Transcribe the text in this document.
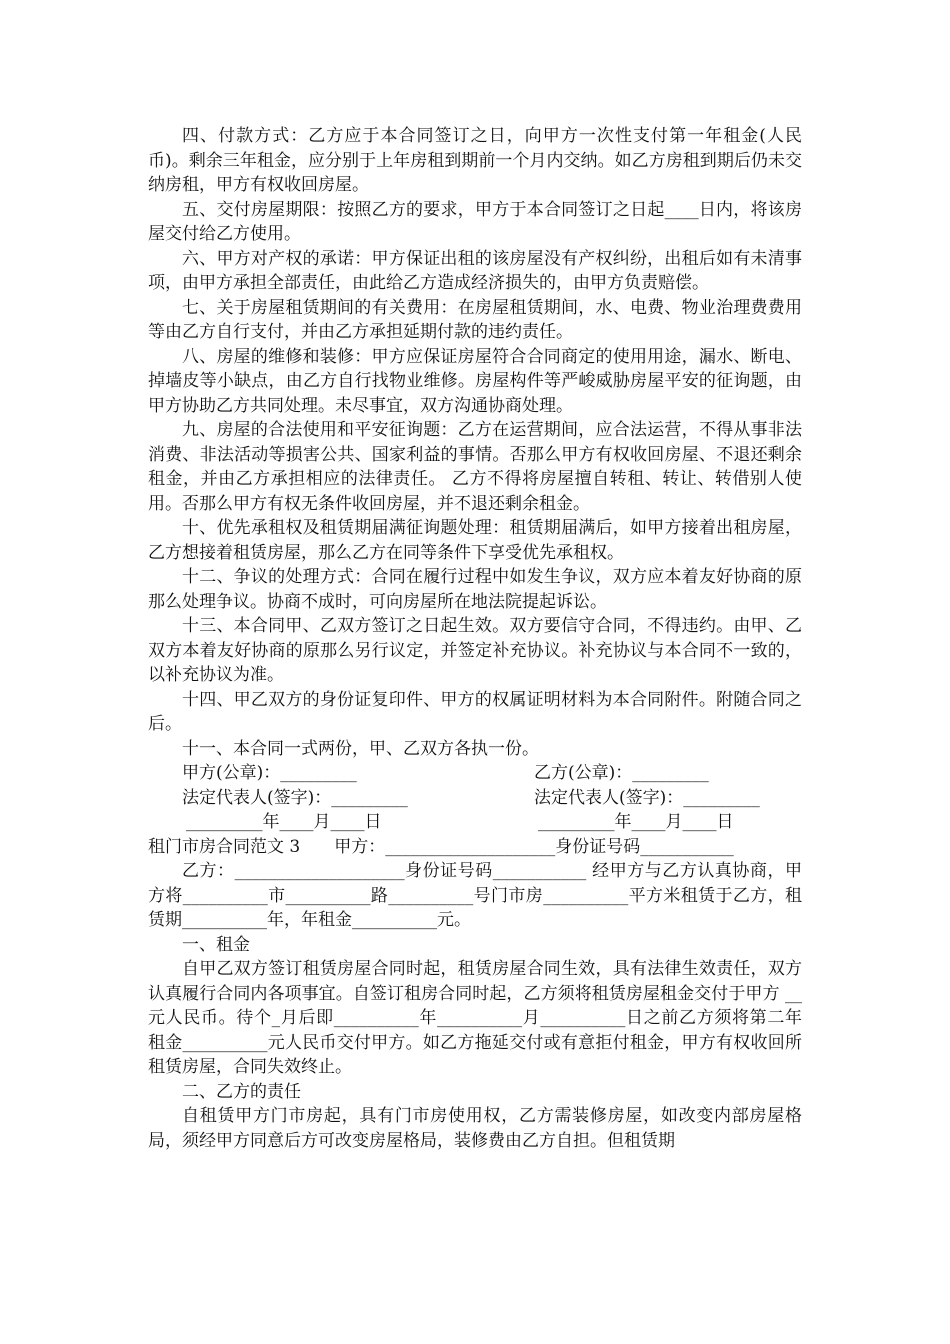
四、付款方式：乙方应于本合同签订之日，向甲方一次性支付第一年租金(人民币)。剩余三年租金，应分别于上年房租到期前一个月内交纳。如乙方房租到期后仍未交纳房租，甲方有权收回房屋。

五、交付房屋期限：按照乙方的要求，甲方于本合同签订之日起____日内，将该房屋交付给乙方使用。

六、甲方对产权的承诺：甲方保证出租的该房屋没有产权纠纷，出租后如有未清事项，由甲方承担全部责任，由此给乙方造成经济损失的，由甲方负责赔偿。

七、关于房屋租赁期间的有关费用：在房屋租赁期间，水、电费、物业治理费费用等由乙方自行支付，并由乙方承担延期付款的违约责任。

八、房屋的维修和装修：甲方应保证房屋符合合同商定的使用用途，漏水、断电、掉墙皮等小缺点，由乙方自行找物业维修。房屋构件等严峻威胁房屋平安的征询题，由甲方协助乙方共同处理。未尽事宜，双方沟通协商处理。

九、房屋的合法使用和平安征询题：乙方在运营期间，应合法运营，不得从事非法消费、非法活动等损害公共、国家利益的事情。否那么甲方有权收回房屋、不退还剩余租金，并由乙方承担相应的法律责任。 乙方不得将房屋擅自转租、转让、转借别人使用。否那么甲方有权无条件收回房屋，并不退还剩余租金。

十、优先承租权及租赁期届满征询题处理：租赁期届满后，如甲方接着出租房屋，乙方想接着租赁房屋，那么乙方在同等条件下享受优先承租权。

十二、争议的处理方式：合同在履行过程中如发生争议，双方应本着友好协商的原那么处理争议。协商不成时，可向房屋所在地法院提起诉讼。

十三、本合同甲、乙双方签订之日起生效。双方要信守合同，不得违约。由甲、乙双方本着友好协商的原那么另行议定，并签定补充协议。补充协议与本合同不一致的，以补充协议为准。

十四、甲乙双方的身份证复印件、甲方的权属证明材料为本合同附件。附随合同之后。

十一、本合同一式两份，甲、乙双方各执一份。

甲方(公章)：_________	乙方(公章)：_________
法定代表人(签字)：_________	法定代表人(签字)：_________
_________年____月____日	_________年____月____日
租门市房合同范文 3　　甲方：____________________身份证号码___________

乙方：____________________身份证号码___________ 经甲方与乙方认真协商，甲方将__________市__________路__________号门市房__________平方米租赁于乙方，租赁期__________年，年租金__________元。

一、租金

自甲乙双方签订租赁房屋合同时起，租赁房屋合同生效，具有法律生效责任，双方认真履行合同内各项事宜。自签订租房合同时起，乙方须将租赁房屋租金交付于甲方 __元人民币。待个_月后即__________年__________月__________日之前乙方须将第二年租金__________元人民币交付甲方。如乙方拖延交付或有意拒付租金，甲方有权收回所租赁房屋，合同失效终止。

二、乙方的责任

自租赁甲方门市房起，具有门市房使用权，乙方需装修房屋，如改变内部房屋格局，须经甲方同意后方可改变房屋格局，装修费由乙方自担。但租赁期
